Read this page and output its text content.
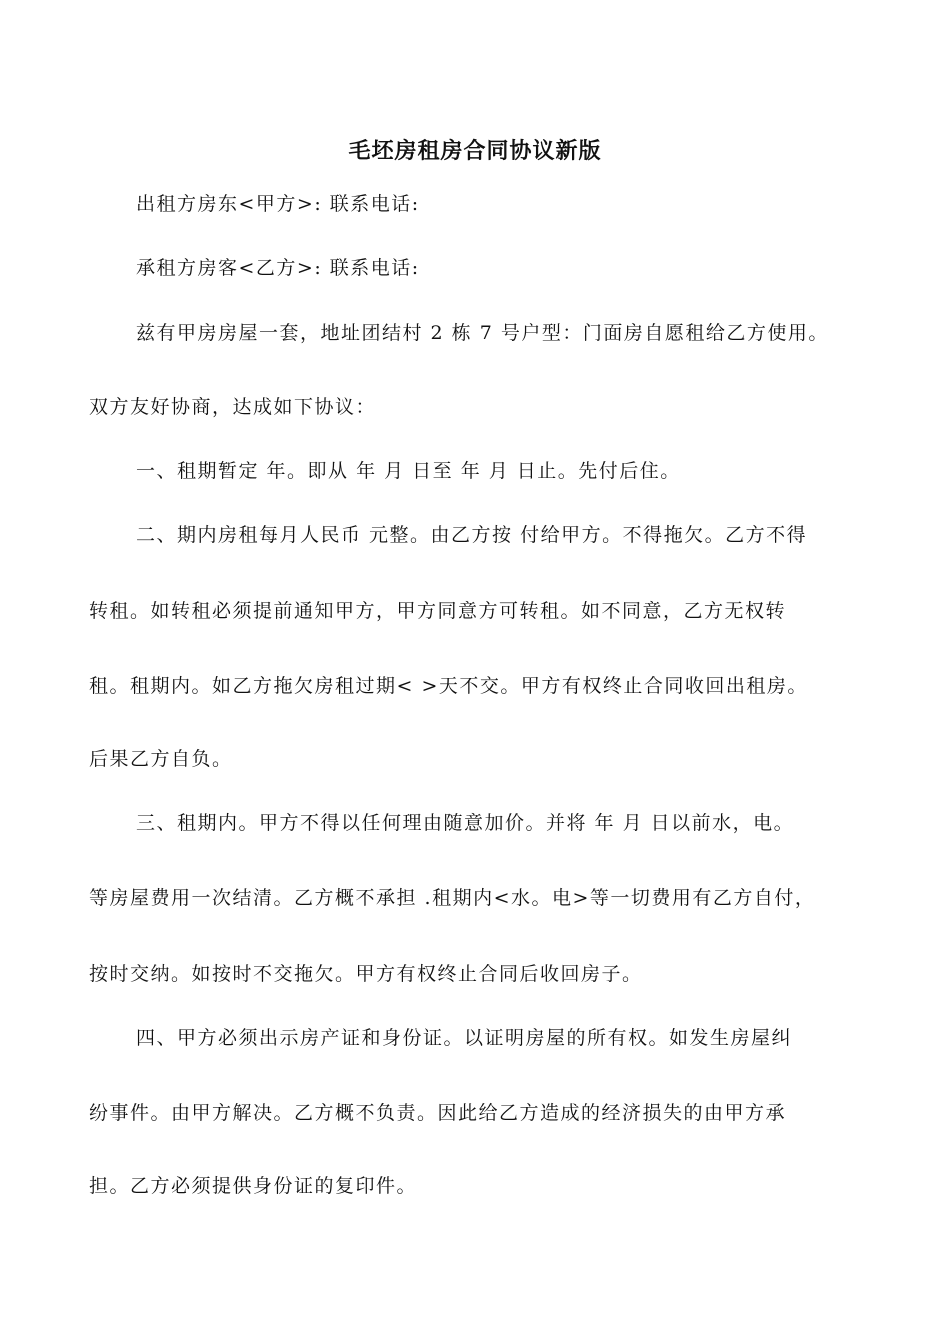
毛坯房租房合同协议新版
出租方房东<甲方>: 联系电话:
承租方房客<乙方>: 联系电话:
兹有甲房房屋一套，地址团结村 2 栋 7 号户型：门面房自愿租给乙方使用。
双方友好协商，达成如下协议：
一、租期暂定 年。即从 年 月 日至 年 月 日止。先付后住。
二、期内房租每月人民币 元整。由乙方按 付给甲方。不得拖欠。乙方不得
转租。如转租必须提前通知甲方，甲方同意方可转租。如不同意，乙方无权转
租。租期内。如乙方拖欠房租过期< >天不交。甲方有权终止合同收回出租房。
后果乙方自负。
三、租期内。甲方不得以任何理由随意加价。并将 年 月 日以前水，电。
等房屋费用一次结清。乙方概不承担 .租期内<水。电>等一切费用有乙方自付，
按时交纳。如按时不交拖欠。甲方有权终止合同后收回房子。
四、甲方必须出示房产证和身份证。以证明房屋的所有权。如发生房屋纠
纷事件。由甲方解决。乙方概不负责。因此给乙方造成的经济损失的由甲方承
担。乙方必须提供身份证的复印件。
